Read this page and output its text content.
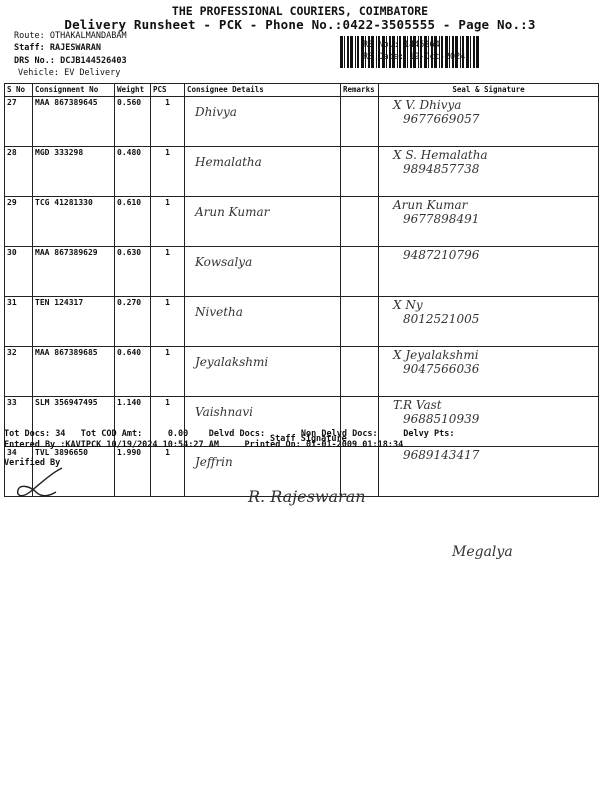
THE PROFESSIONAL COURIERS, COIMBATORE
Delivery Runsheet - PCK - Phone No.:0422-3505555 - Page No.:3
Route: OTHAKALMANDABAM
Staff: RAJESWARAN
DRS No.: DCJB144526403
Vehicle: EV Delivery
RS No.: 1445264
RS Date: 19-Oct-2024
S No	Consignment No	Weight	PCS	Consignee Details	Remarks	Seal & Signature
27	MAA 867389645	0.560	1	Dhivya		X V. Dhivya
9677669057

28	MGD 333298	0.480	1	Hemalatha		X S. Hemalatha
9894857738

29	TCG 41281330	0.610	1	Arun Kumar		Arun Kumar
9677898491

30	MAA 867389629	0.630	1	Kowsalya		9487210796

31	TEN 124317	0.270	1	Nivetha		X Ny
8012521005

32	MAA 867389685	0.640	1	Jeyalakshmi		X Jeyalakshmi
9047566036

33	SLM 356947495	1.140	1	Vaishnavi		T.R Vast
9688510939

34	TVL 3896650	1.990	1	Jeffrin		9689143417
Tot Docs: 34 Tot COD Amt:	0.00 Delvd Docs:	Non Delvd Docs:	Delvy Pts:
Entered By :KAVIPCK 10/19/2024 10:54:27 AM	Printed On: 01-01-2009 01:18:34
Verified By
Staff Signature
R. Rajeswaran
Megalya
